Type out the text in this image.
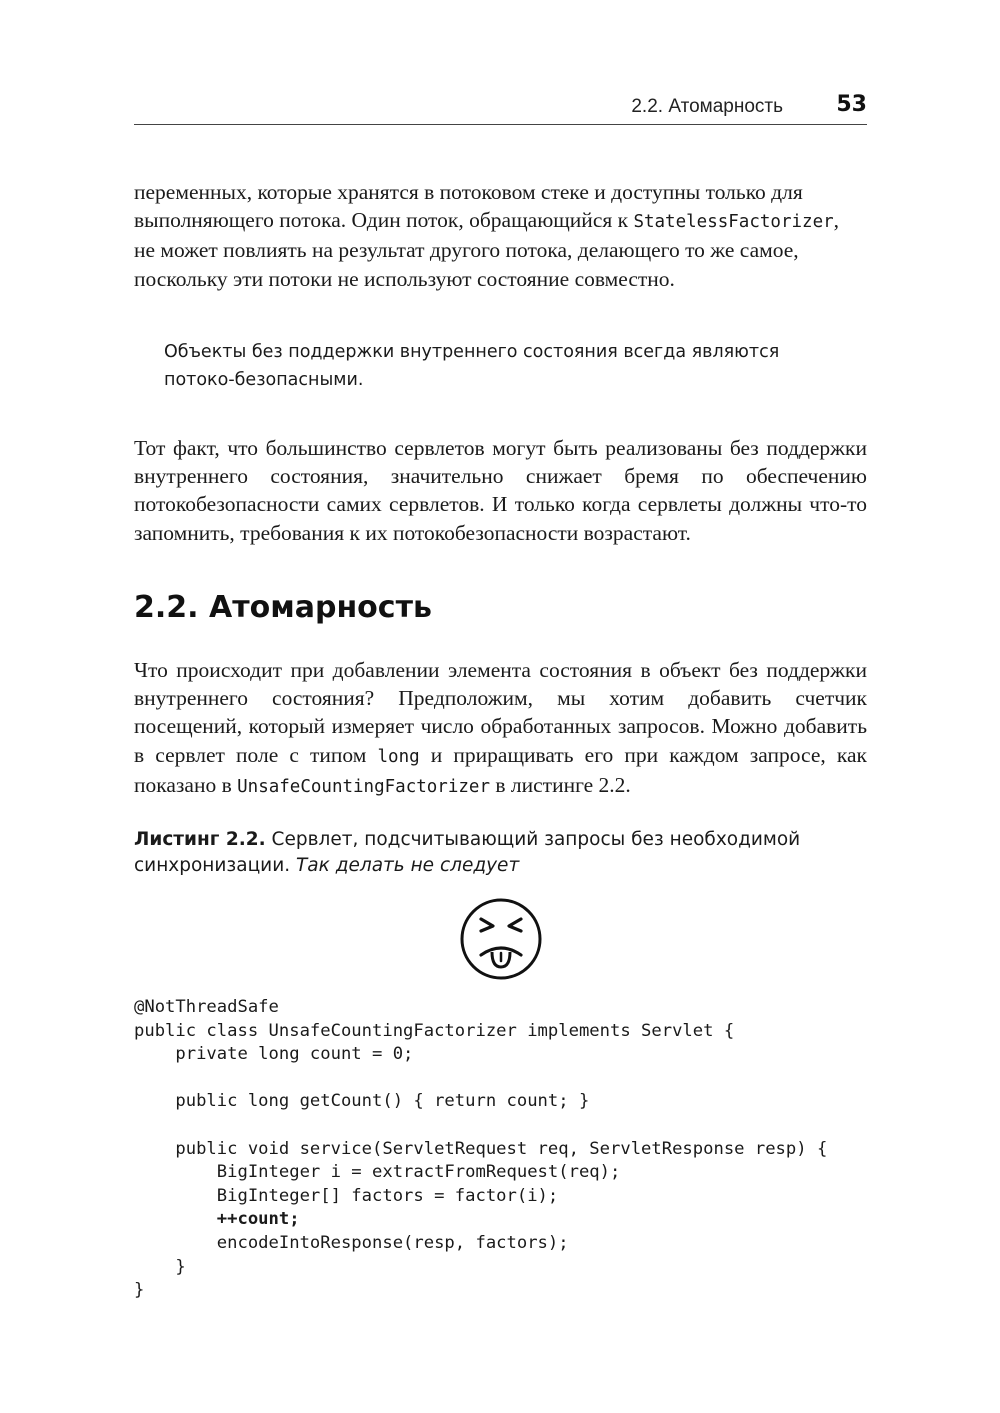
2.2. Атомарность 53
переменных, которые хранятся в потоковом стеке и доступны только для
выполняющего потока. Один поток, обращающийся к StatelessFactorizer,
не может повлиять на результат другого потока, делающего то же самое,
поскольку эти потоки не используют состояние совместно.

Объекты без поддержки внутреннего состояния всегда являются потоко-безопасными.

Тот факт, что большинство сервлетов могут быть реализованы без поддержки внутреннего состояния, значительно снижает бремя по обеспечению потокобезопасности самих сервлетов. И только когда сервлеты должны что-то запомнить, требования к их потокобезопасности возрастают.

2.2. Атомарность

Что происходит при добавлении элемента состояния в объект без поддержки внутреннего состояния? Предположим, мы хотим добавить счетчик посещений, который измеряет число обработанных запросов. Можно добавить в сервлет поле с типом long и приращивать его при каждом запросе, как показано в UnsafeCountingFactorizer в листинге 2.2.

Листинг 2.2. Сервлет, подсчитывающий запросы без необходимой синхронизации. Так делать не следует

@NotThreadSafe
public class UnsafeCountingFactorizer implements Servlet {
private long count = 0;
public long getCount() { return count; }
public void service(ServletRequest req, ServletResponse resp) {
BigInteger i = extractFromRequest(req);
BigInteger[] factors = factor(i);
++count;
encodeIntoResponse(resp, factors);
}
}
